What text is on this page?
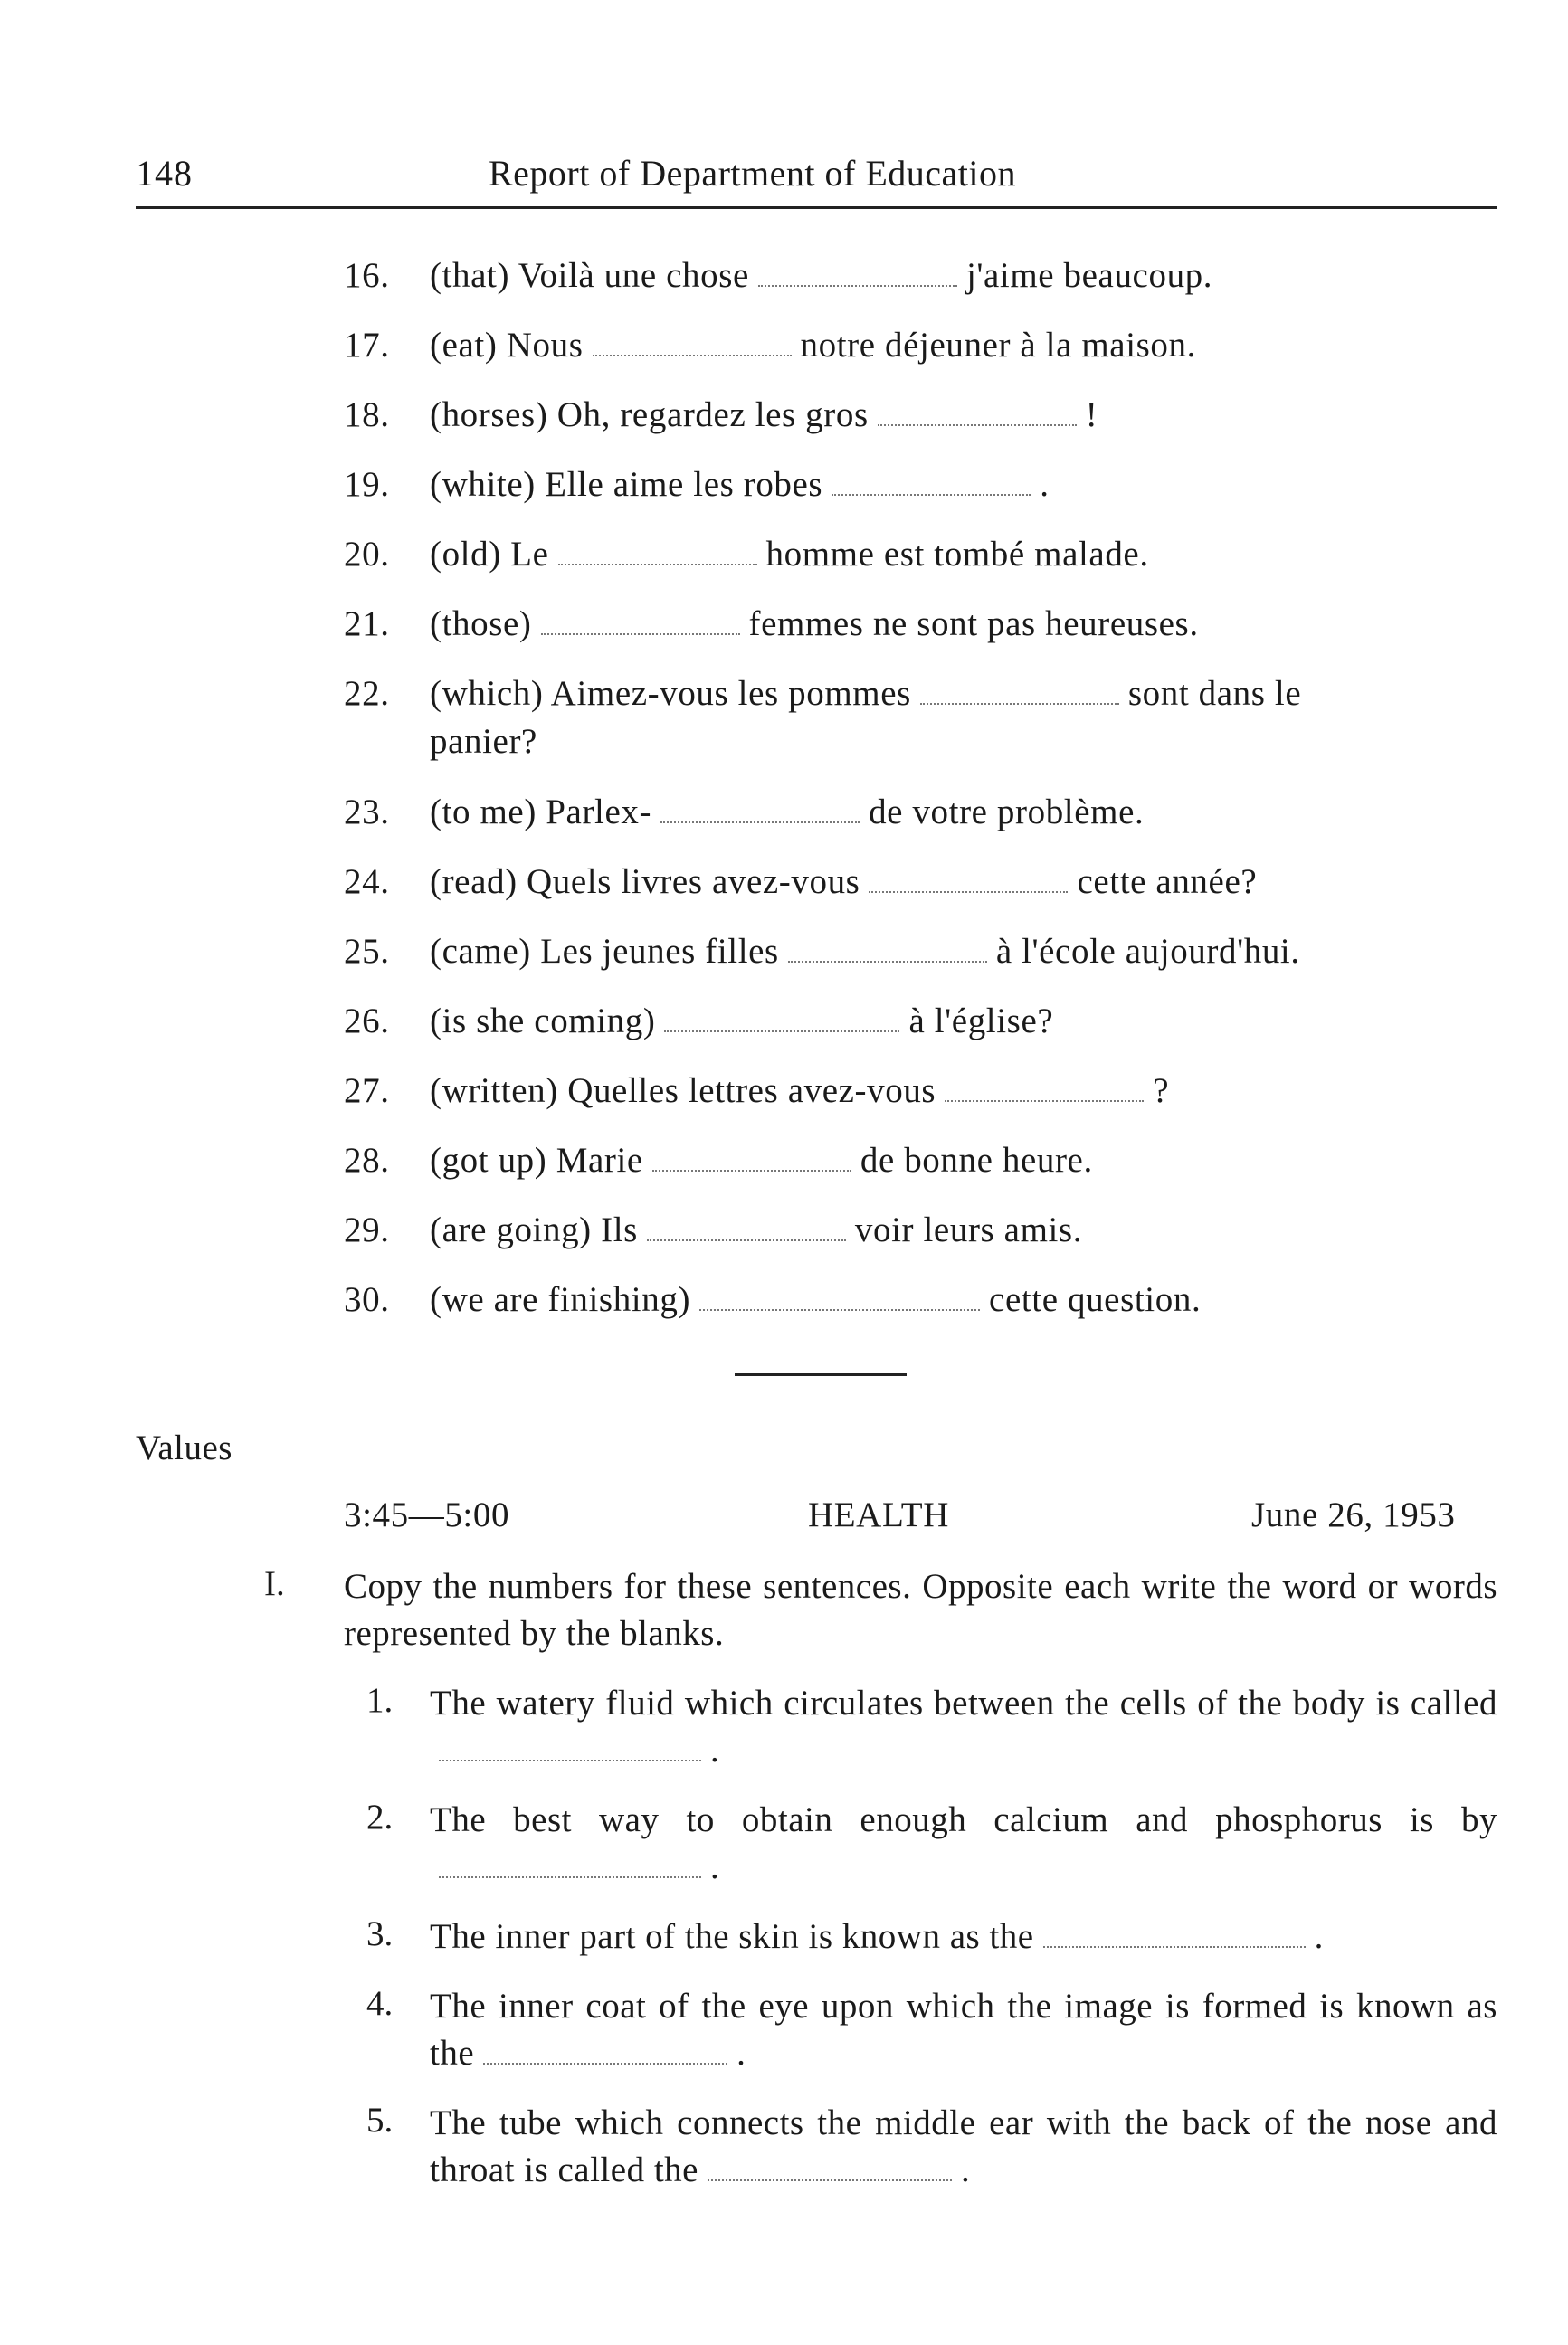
148	Report of Department of Education
16. (that) Voilà une chose	j'aime beaucoup.
17. (eat) Nous	notre déjeuner à la maison.
18. (horses) Oh, regardez les gros	!
19. (white) Elle aime les robes	.
20. (old) Le	homme est tombé malade.
21. (those)	femmes ne sont pas heureuses.
22. (which) Aimez-vous les pommes	sont dans le
panier?
23. (to me) Parlex-	de votre problème.
24. (read) Quels livres avez-vous	cette année?
25. (came) Les jeunes filles	à l'école aujourd'hui.
26. (is she coming)	à l'église?
27. (written) Quelles lettres avez-vous	?
28. (got up) Marie	de bonne heure.
29. (are going) Ils	voir leurs amis.
30. (we are finishing)	cette question.
Values
3:45—5:00	HEALTH	June 26, 1953
I. Copy the numbers for these sentences. Opposite each write the word or words represented by the blanks.
1. The watery fluid which circulates between the cells of the body is called.
2. The best way to obtain enough calcium and phosphorus is by.
3. The inner part of the skin is known as the	.
4. The inner coat of the eye upon which the image is formed is known as the	.
5. The tube which connects the middle ear with the back of the nose and throat is called the	.
